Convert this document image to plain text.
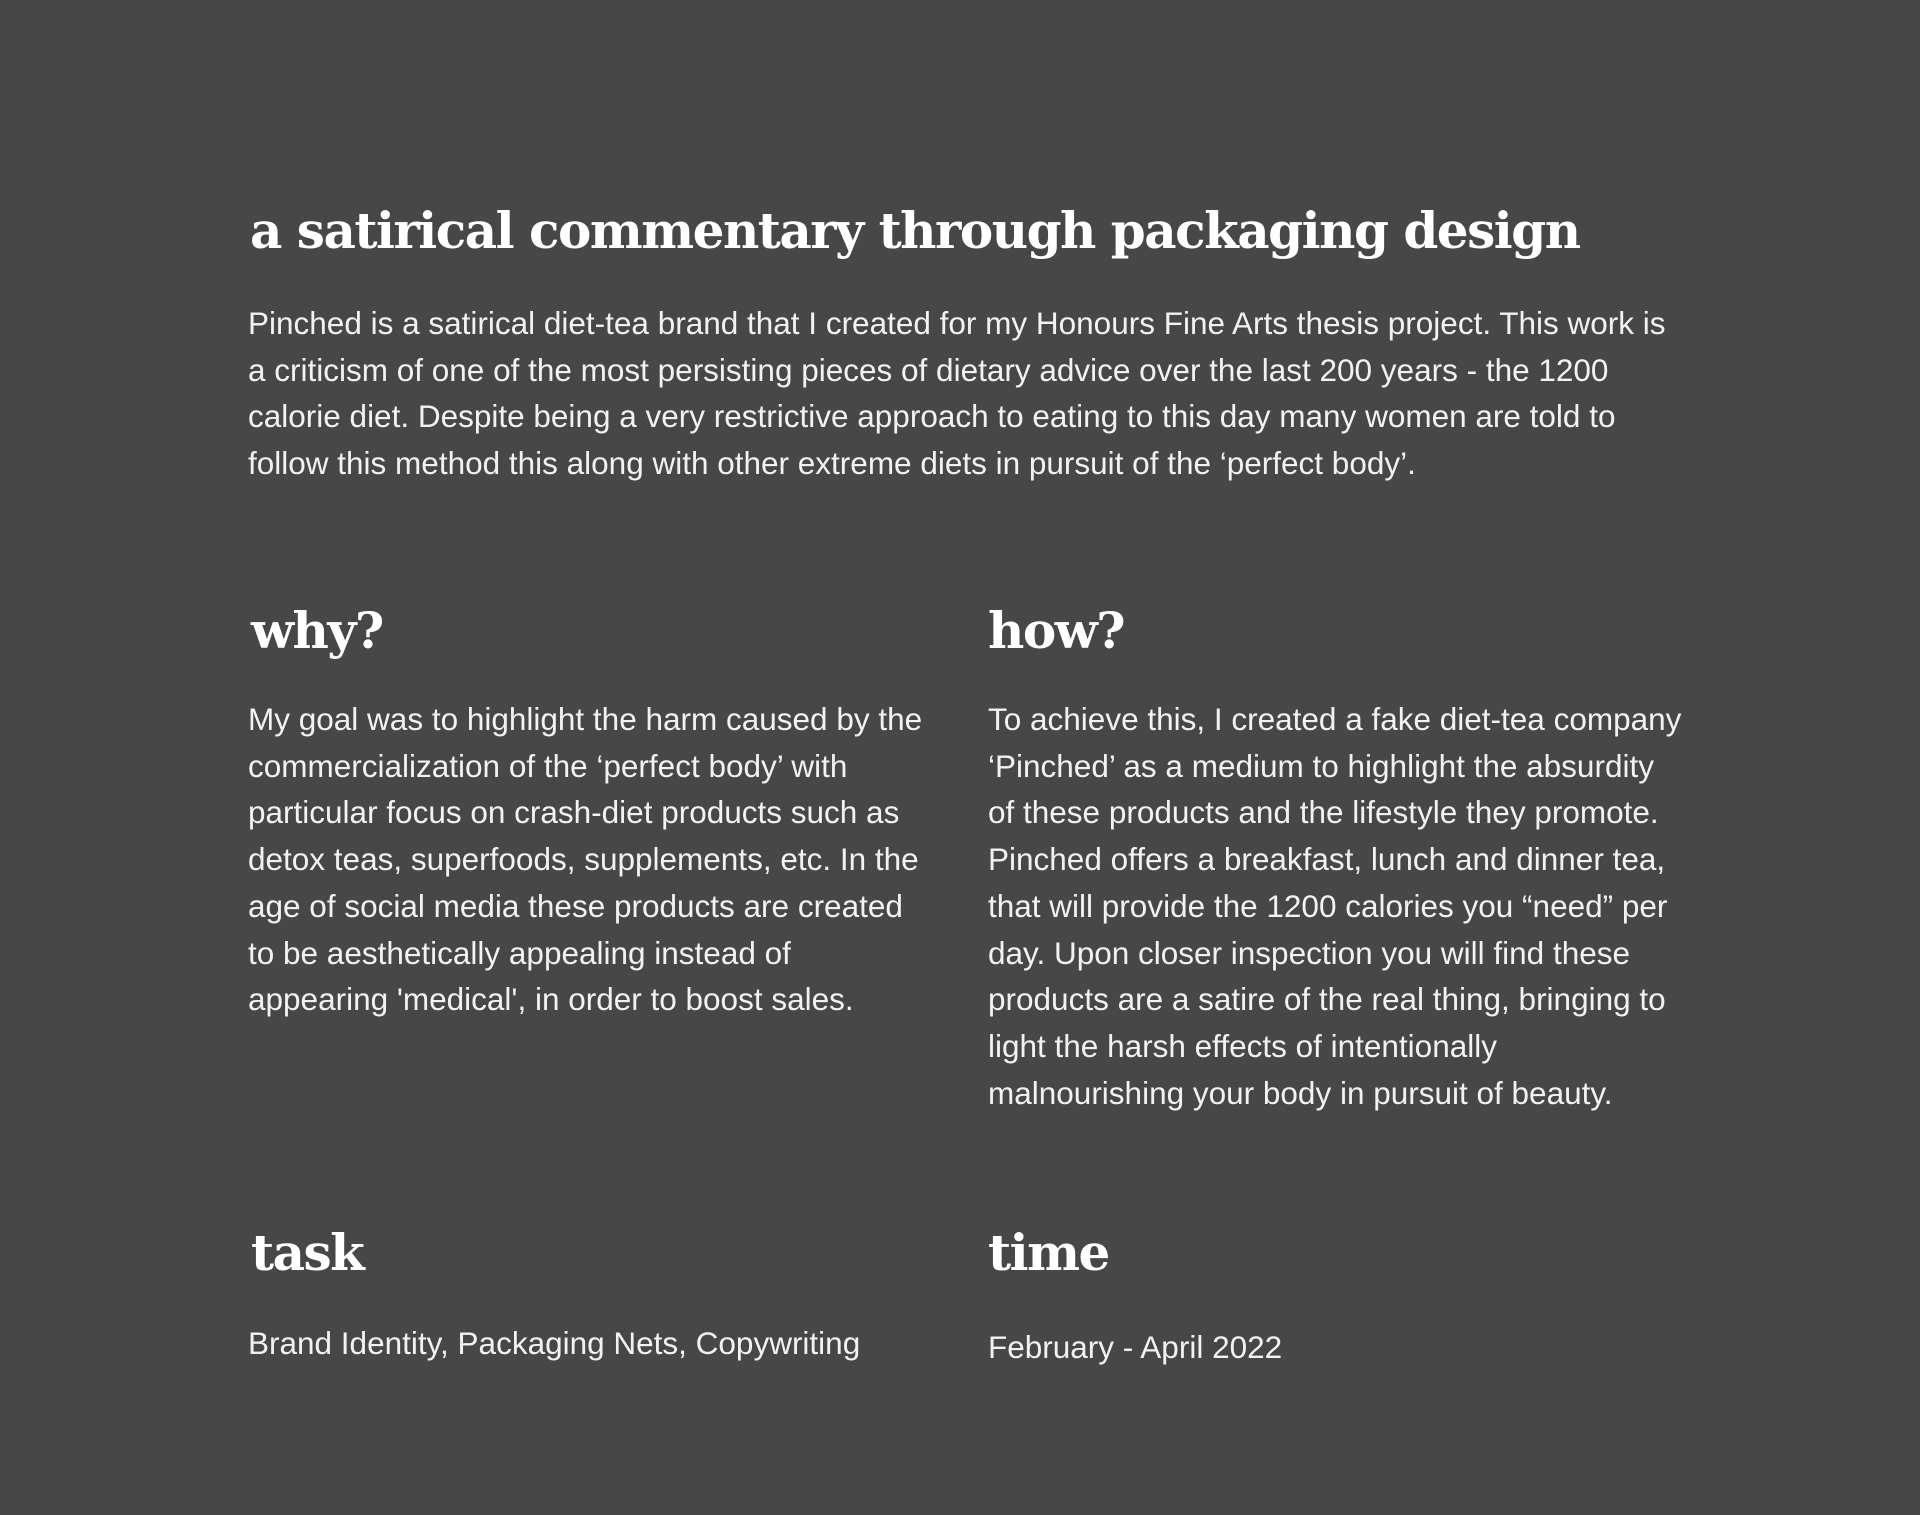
a satirical commentary through packaging design

Pinched is a satirical diet-tea brand that I created for my Honours Fine Arts thesis project. This work is a criticism of one of the most persisting pieces of dietary advice over the last 200 years - the 1200 calorie diet. Despite being a very restrictive approach to eating to this day many women are told to follow this method this along with other extreme diets in pursuit of the ‘perfect body’.

why?

My goal was to highlight the harm caused by the commercialization of the ‘perfect body’ with particular focus on crash-diet products such as detox teas, superfoods, supplements, etc. In the age of social media these products are created to be aesthetically appealing instead of appearing 'medical', in order to boost sales.

how?

To achieve this, I created a fake diet-tea company ‘Pinched’ as a medium to highlight the absurdity of these products and the lifestyle they promote. Pinched offers a breakfast, lunch and dinner tea, that will provide the 1200 calories you “need” per day. Upon closer inspection you will find these products are a satire of the real thing, bringing to light the harsh effects of intentionally malnourishing your body in pursuit of beauty.

task

Brand Identity, Packaging Nets, Copywriting

time

February - April 2022
